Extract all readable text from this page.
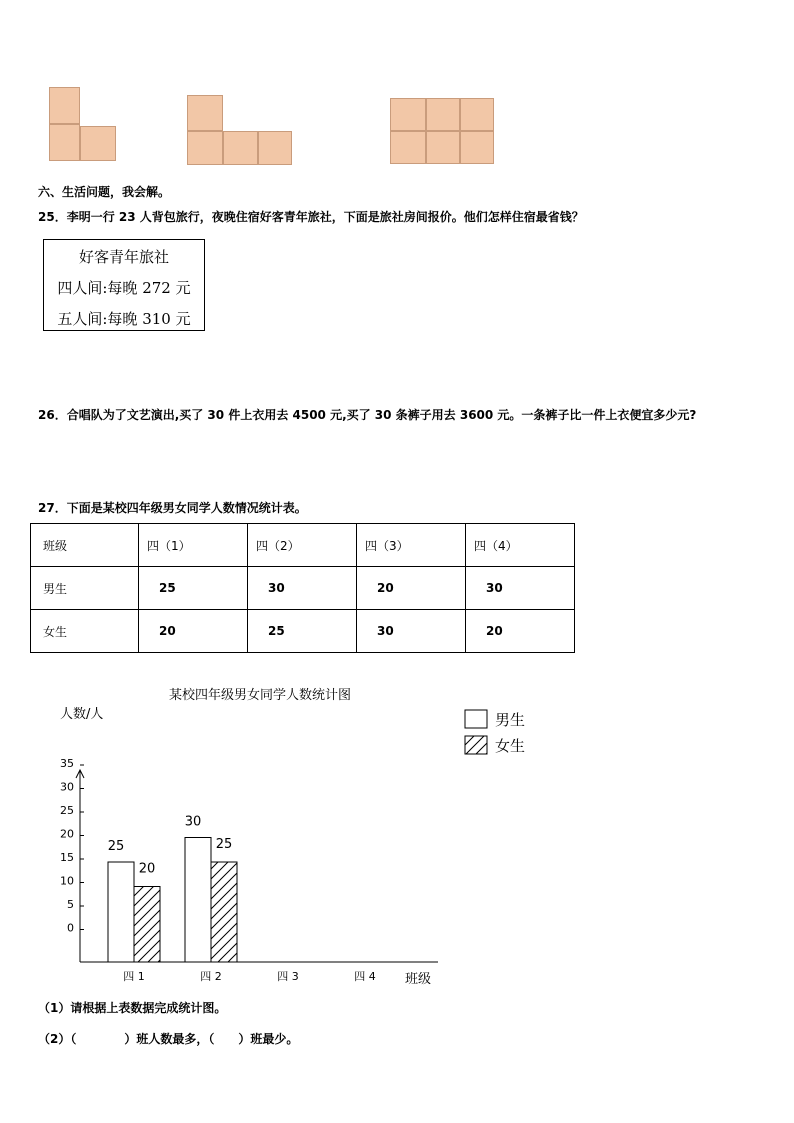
六、生活问题，我会解。
25．李明一行 23 人背包旅行，夜晚住宿好客青年旅社，下面是旅社房间报价。他们怎样住宿最省钱？
好客青年旅社
四人间:每晚 272 元
五人间:每晚 310 元
26．合唱队为了文艺演出,买了 30 件上衣用去 4500 元,买了 30 条裤子用去 3600 元。一条裤子比一件上衣便宜多少元?
27．下面是某校四年级男女同学人数情况统计表。
班级	四（1）	四（2）	四（3）	四（4）
男生	25	30	20	30
女生	20	25	30	20
某校四年级男女同学人数统计图
人数/人
班级
男生
女生
35
30
25
20
15
10
5
0
25
30
20
25
四 1	四 2	四 3	四 4
（1）请根据上表数据完成统计图。
（2）（　　　　）班人数最多，（　　）班最少。
